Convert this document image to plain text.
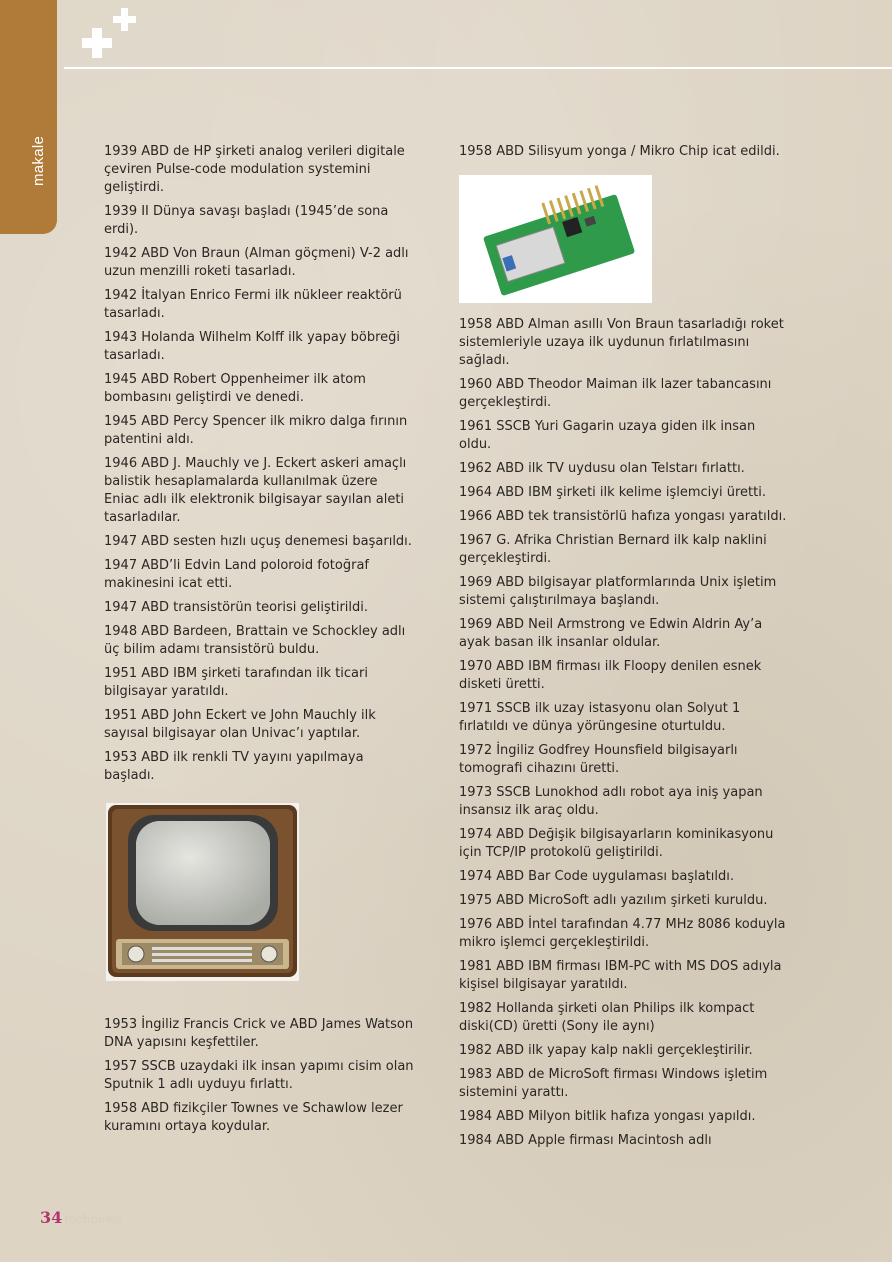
makale	1939 ABD de HP şirketi analog verileri digitale çeviren Pulse-code modulation systemini geliştirdi.
1939 II Dünya savaşı başladı (1945’de sona erdi).
1942 ABD Von Braun (Alman göçmeni) V-2 adlı uzun menzilli roketi tasarladı.
1942 İtalyan Enrico Fermi ilk nükleer reaktörü tasarladı.
1943 Holanda Wilhelm Kolff ilk yapay böbreği tasarladı.
1945 ABD Robert Oppenheimer ilk atom bombasını geliştirdi ve denedi.
1945 ABD Percy Spencer ilk mikro dalga fırının patentini aldı.
1946 ABD J. Mauchly ve J. Eckert askeri amaçlı balistik hesaplamalarda kullanılmak üzere Eniac adlı ilk elektronik bilgisayar sayılan aleti tasarladılar.
1947 ABD sesten hızlı uçuş denemesi başarıldı.
1947 ABD’li Edvin Land poloroid fotoğraf makinesini icat etti.
1947 ABD transistörün teorisi geliştirildi.
1948 ABD Bardeen, Brattain ve Schockley adlı üç bilim adamı transistörü buldu.
1951 ABD IBM şirketi tarafından ilk ticari bilgisayar yaratıldı.
1951 ABD John Eckert ve John Mauchly ilk sayısal bilgisayar olan Univac’ı yaptılar.
1953 ABD ilk renkli TV yayını yapılmaya başladı.
1953 İngiliz Francis Crick ve ABD James Watson DNA yapısını keşfettiler.
1957 SSCB uzaydaki ilk insan yapımı cisim olan Sputnik 1 adlı uyduyu fırlattı.
1958 ABD fizikçiler Townes ve Schawlow lezer kuramını ortaya koydular.
1958 ABD Silisyum yonga / Mikro Chip icat edildi.
1958 ABD Alman asıllı Von Braun tasarladığı roket sistemleriyle uzaya ilk uydunun fırlatılmasını sağladı.
1960 ABD Theodor Maiman ilk lazer tabancasını gerçekleştirdi.
1961 SSCB Yuri Gagarin uzaya giden ilk insan oldu.
1962 ABD ilk TV uydusu olan Telstarı fırlattı.
1964 ABD IBM şirketi ilk kelime işlemciyi üretti.
1966 ABD tek transistörlü hafıza yongası yaratıldı.
1967 G. Afrika Christian Bernard ilk kalp naklini gerçekleştirdi.
1969 ABD bilgisayar platformlarında Unix işletim sistemi çalıştırılmaya başlandı.
1969 ABD Neil Armstrong ve Edwin Aldrin Ay’a ayak basan ilk insanlar oldular.
1970 ABD IBM firması ilk Floopy denilen esnek disketi üretti.
1971 SSCB ilk uzay istasyonu olan Solyut 1 fırlatıldı ve dünya yörüngesine oturtuldu.
1972 İngiliz Godfrey Hounsfield bilgisayarlı tomografi cihazını üretti.
1973 SSCB Lunokhod adlı robot aya iniş yapan insansız ilk araç oldu.
1974 ABD Değişik bilgisayarların kominikasyonu için TCP/IP protokolü geliştirildi.
1974 ABD Bar Code uygulaması başlatıldı.
1975 ABD MicroSoft adlı yazılım şirketi kuruldu.
1976 ABD İntel tarafından 4.77 MHz 8086 koduyla mikro işlemci gerçekleştirildi.
1981 ABD IBM firması IBM-PC with MS DOS adıyla kişisel bilgisayar yaratıldı.
1982 Hollanda şirketi olan Philips ilk kompact diski(CD) üretti (Sony ile aynı)
1982 ABD ilk yapay kalp nakli gerçekleştirilir.
1983 ABD de MicroSoft firması Windows işletim sistemini yarattı.
1984 ABD Milyon bitlik hafıza yongası yapıldı.
1984 ABD Apple firması Macintosh adlı
34 technews	2015
